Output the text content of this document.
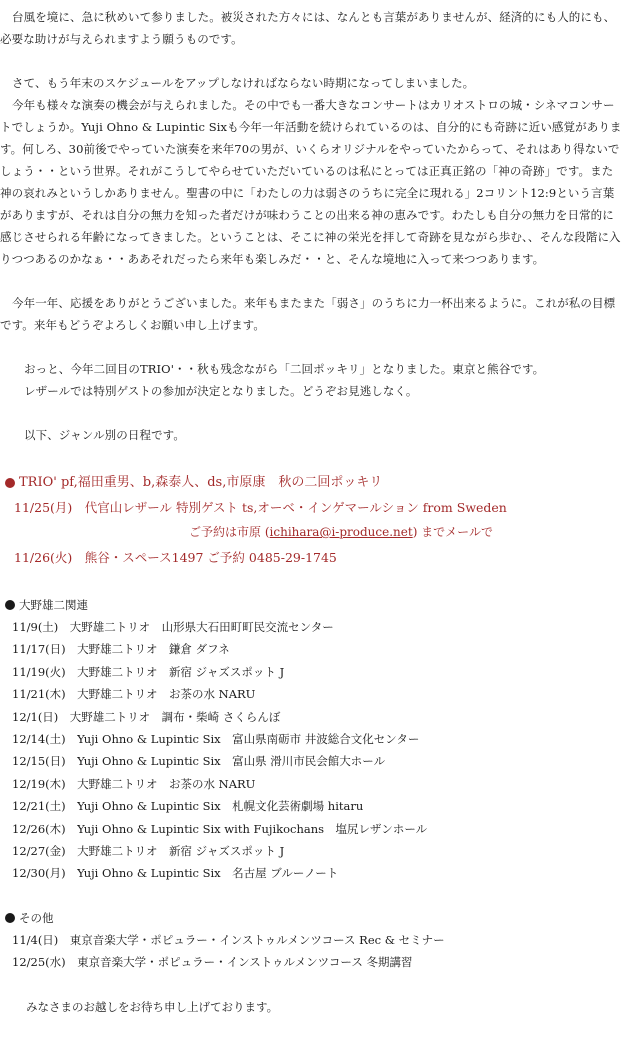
台風を境に、急に秋めいて参りました。被災された方々には、なんとも言葉がありませんが、経済的にも人的にも、必要な助けが与えられますよう願うものです。

さて、もう年末のスケジュールをアップしなければならない時期になってしまいました。

今年も様々な演奏の機会が与えられました。その中でも一番大きなコンサートはカリオストロの城・シネマコンサートでしょうか。Yuji Ohno & Lupintic Sixも今年一年活動を続けられているのは、自分的にも奇跡に近い感覚があります。何しろ、30前後でやっていた演奏を来年70の男が、いくらオリジナルをやっていたからって、それはあり得ないでしょう・・という世界。それがこうしてやらせていただいているのは私にとっては正真正銘の「神の奇跡」です。また神の哀れみというしかありません。聖書の中に「わたしの力は弱さのうちに完全に現れる」2コリント12:9という言葉がありますが、それは自分の無力を知った者だけが味わうことの出来る神の恵みです。わたしも自分の無力を日常的に感じさせられる年齢になってきました。ということは、そこに神の栄光を拝して奇跡を見ながら歩む、、そんな段階に入りつつあるのかなぁ・・ああそれだったら来年も楽しみだ・・と、そんな境地に入って来つつあります。

今年一年、応援をありがとうございました。来年もまたまた「弱さ」のうちに力一杯出来るように。これが私の目標です。来年もどうぞよろしくお願い申し上げます。

おっと、今年二回目のTRIO'・・秋も残念ながら「二回ポッキリ」となりました。東京と熊谷です。

レザールでは特別ゲストの参加が決定となりました。どうぞお見逃しなく。

以下、ジャンル別の日程です。

TRIO' pf,福田重男、b,森泰人、ds,市原康　秋の二回ポッキリ

11/25(月)　代官山レザール 特別ゲスト ts,オーベ・インゲマールション from Sweden

ご予約は市原 (ichihara@i-produce.net) までメールで

11/26(火)　熊谷・スペース1497 ご予約 0485-29-1745

大野雄二関連

11/9(土)　大野雄二トリオ　山形県大石田町町民交流センター
11/17(日)　大野雄二トリオ　鎌倉 ダフネ
11/19(火)　大野雄二トリオ　新宿 ジャズスポット J
11/21(木)　大野雄二トリオ　お茶の水 NARU
12/1(日)　大野雄二トリオ　調布・柴崎 さくらんぼ
12/14(土)　Yuji Ohno & Lupintic Six　富山県南砺市 井波総合文化センター
12/15(日)　Yuji Ohno & Lupintic Six　富山県 滑川市民会館大ホール
12/19(木)　大野雄二トリオ　お茶の水 NARU
12/21(土)　Yuji Ohno & Lupintic Six　札幌文化芸術劇場 hitaru
12/26(木)　Yuji Ohno & Lupintic Six with Fujikochans　塩尻レザンホール
12/27(金)　大野雄二トリオ　新宿 ジャズスポット J
12/30(月)　Yuji Ohno & Lupintic Six　名古屋 ブルーノート

その他

11/4(日)　東京音楽大学・ポピュラー・インストゥルメンツコース Rec & セミナー
12/25(水)　東京音楽大学・ポピュラー・インストゥルメンツコース 冬期講習

みなさまのお越しをお待ち申し上げております。
